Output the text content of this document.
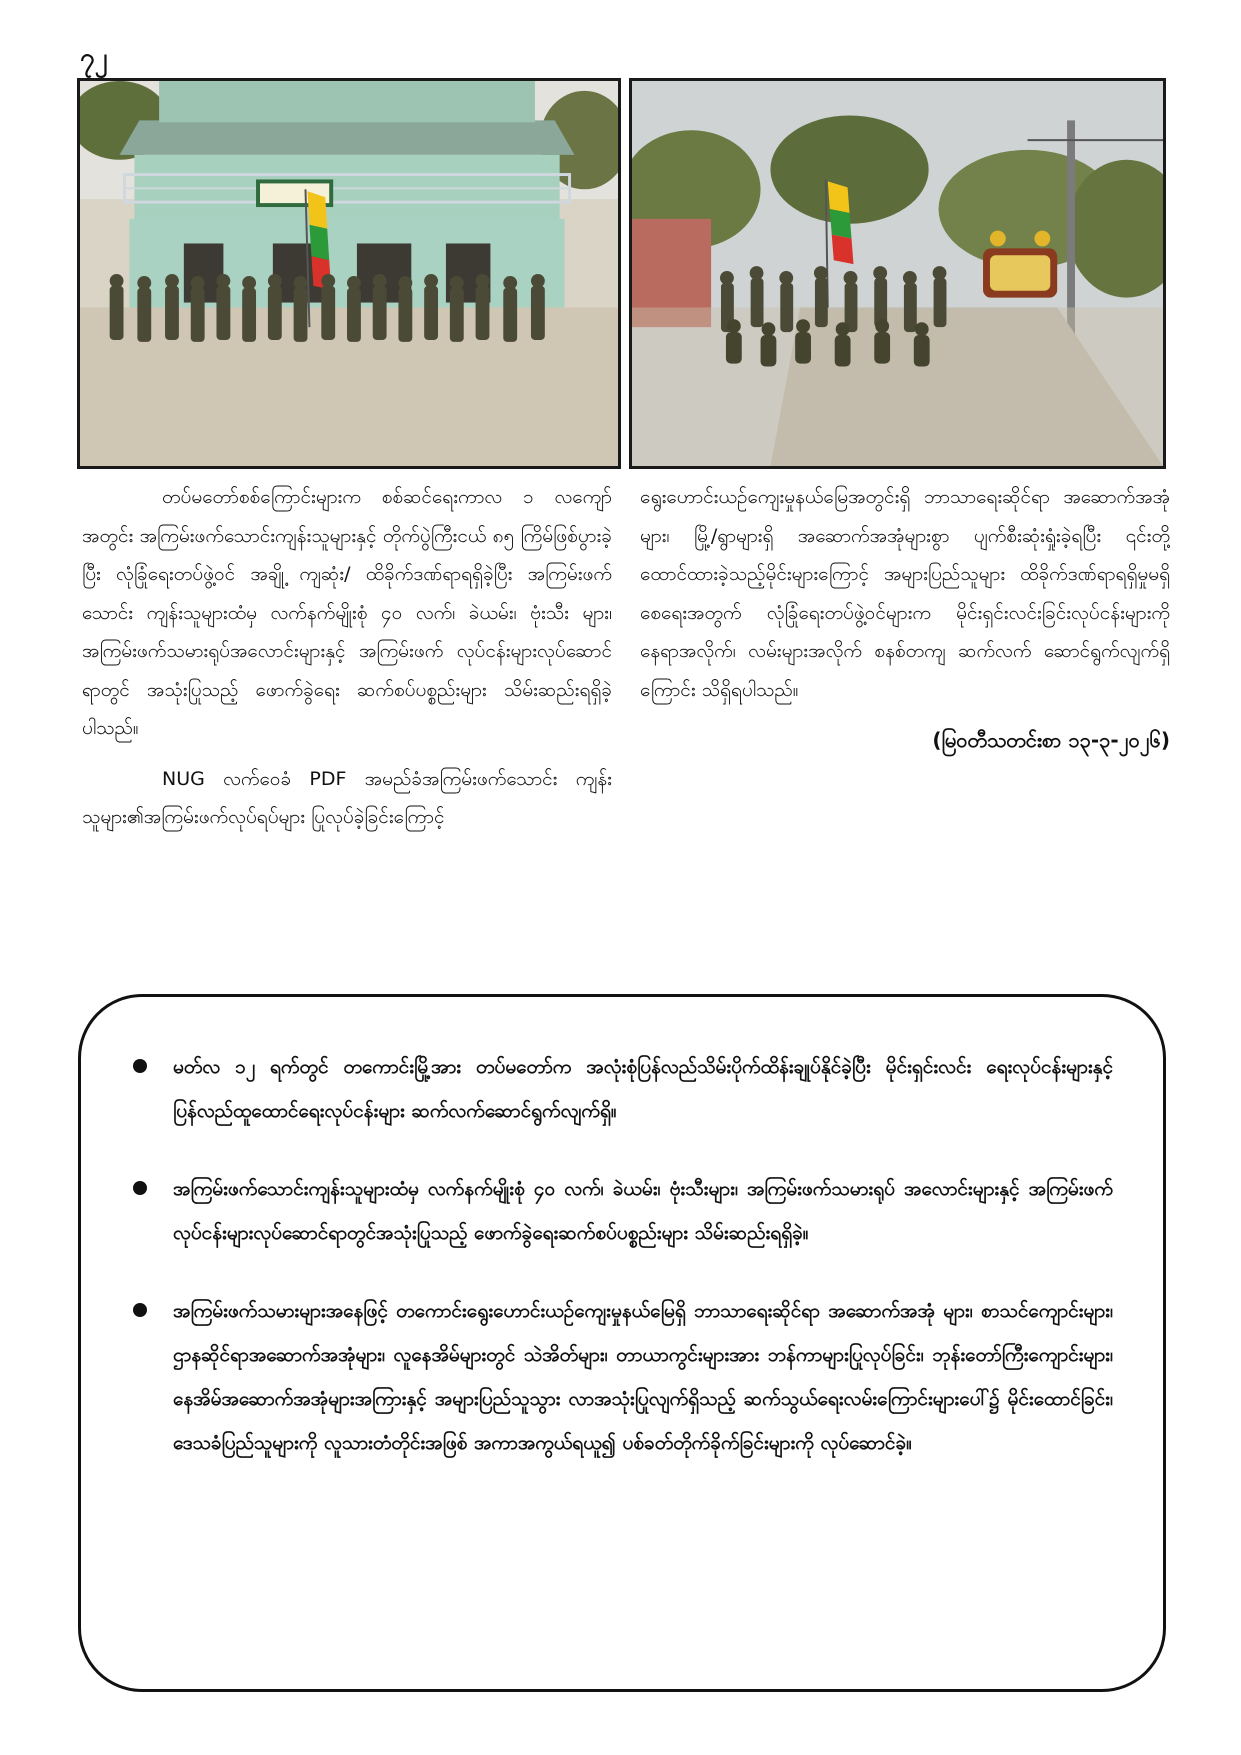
၇၂

တပ်မတော်စစ်ကြောင်းများက စစ်ဆင်ရေးကာလ ၁ လကျော်အတွင်း အကြမ်းဖက်သောင်းကျန်းသူများနှင့် တိုက်ပွဲကြီးငယ် ၈၅ ကြိမ်ဖြစ်ပွားခဲ့ပြီး လုံခြုံရေးတပ်ဖွဲ့ဝင် အချို့ ကျဆုံး/ ထိခိုက်ဒဏ်ရာရရှိခဲ့ပြီး အကြမ်းဖက်သောင်း ကျန်းသူများထံမှ လက်နက်မျိုးစုံ ၄၀ လက်၊ ခဲယမ်း၊ ဗုံးသီး များ၊ အကြမ်းဖက်သမားရုပ်အလောင်းများနှင့် အကြမ်းဖက် လုပ်ငန်းများလုပ်ဆောင်ရာတွင် အသုံးပြုသည့် ဖောက်ခွဲရေး ဆက်စပ်ပစ္စည်းများ သိမ်းဆည်းရရှိခဲ့ပါသည်။

NUG လက်ဝေခံ PDF အမည်ခံအကြမ်းဖက်သောင်း ကျန်းသူများ၏အကြမ်းဖက်လုပ်ရပ်များ ပြုလုပ်ခဲ့ခြင်းကြောင့်

ရွေးဟောင်းယဉ်ကျေးမှုနယ်မြေအတွင်းရှိ ဘာသာရေးဆိုင်ရာ အဆောက်အအုံများ၊ မြို့/ရွာများရှိ အဆောက်အအုံများစွာ ပျက်စီးဆုံးရှုံးခဲ့ရပြီး ၎င်းတို့ထောင်ထားခဲ့သည့်မိုင်းများကြောင့် အများပြည်သူများ ထိခိုက်ဒဏ်ရာရရှိမှုမရှိစေရေးအတွက် လုံခြုံရေးတပ်ဖွဲ့ဝင်များက မိုင်းရှင်းလင်းခြင်းလုပ်ငန်းများကို နေရာအလိုက်၊ လမ်းများအလိုက် စနစ်တကျ ဆက်လက် ဆောင်ရွက်လျက်ရှိကြောင်း သိရှိရပါသည်။

(မြဝတီသတင်းစာ ၁၃-၃-၂၀၂၆)

မတ်လ ၁၂ ရက်တွင် တကောင်းမြို့အား တပ်မတော်က အလုံးစုံပြန်လည်သိမ်းပိုက်ထိန်းချုပ်နိုင်ခဲ့ပြီး မိုင်းရှင်းလင်း ရေးလုပ်ငန်းများနှင့် ပြန်လည်ထူထောင်ရေးလုပ်ငန်းများ ဆက်လက်ဆောင်ရွက်လျက်ရှိ။
အကြမ်းဖက်သောင်းကျန်းသူများထံမှ လက်နက်မျိုးစုံ ၄၀ လက်၊ ခဲယမ်း၊ ဗုံးသီးများ၊ အကြမ်းဖက်သမားရုပ် အလောင်းများနှင့် အကြမ်းဖက်လုပ်ငန်းများလုပ်ဆောင်ရာတွင်အသုံးပြုသည့် ဖောက်ခွဲရေးဆက်စပ်ပစ္စည်းများ သိမ်းဆည်းရရှိခဲ့။
အကြမ်းဖက်သမားများအနေဖြင့် တကောင်းရွေးဟောင်းယဉ်ကျေးမှုနယ်မြေရှိ ဘာသာရေးဆိုင်ရာ အဆောက်အအုံ များ၊ စာသင်ကျောင်းများ၊ ဌာနဆိုင်ရာအဆောက်အအုံများ၊ လူနေအိမ်များတွင် သဲအိတ်များ၊ တာယာကွင်းများအား ဘန်ကာများပြုလုပ်ခြင်း၊ ဘုန်းတော်ကြီးကျောင်းများ၊ နေအိမ်အဆောက်အအုံများအကြားနှင့် အများပြည်သူသွား လာအသုံးပြုလျက်ရှိသည့် ဆက်သွယ်ရေးလမ်းကြောင်းများပေါ်၌ မိုင်းထောင်ခြင်း၊ ဒေသခံပြည်သူများကို လူသားတံတိုင်းအဖြစ် အကာအကွယ်ရယူ၍ ပစ်ခတ်တိုက်ခိုက်ခြင်းများကို လုပ်ဆောင်ခဲ့။
